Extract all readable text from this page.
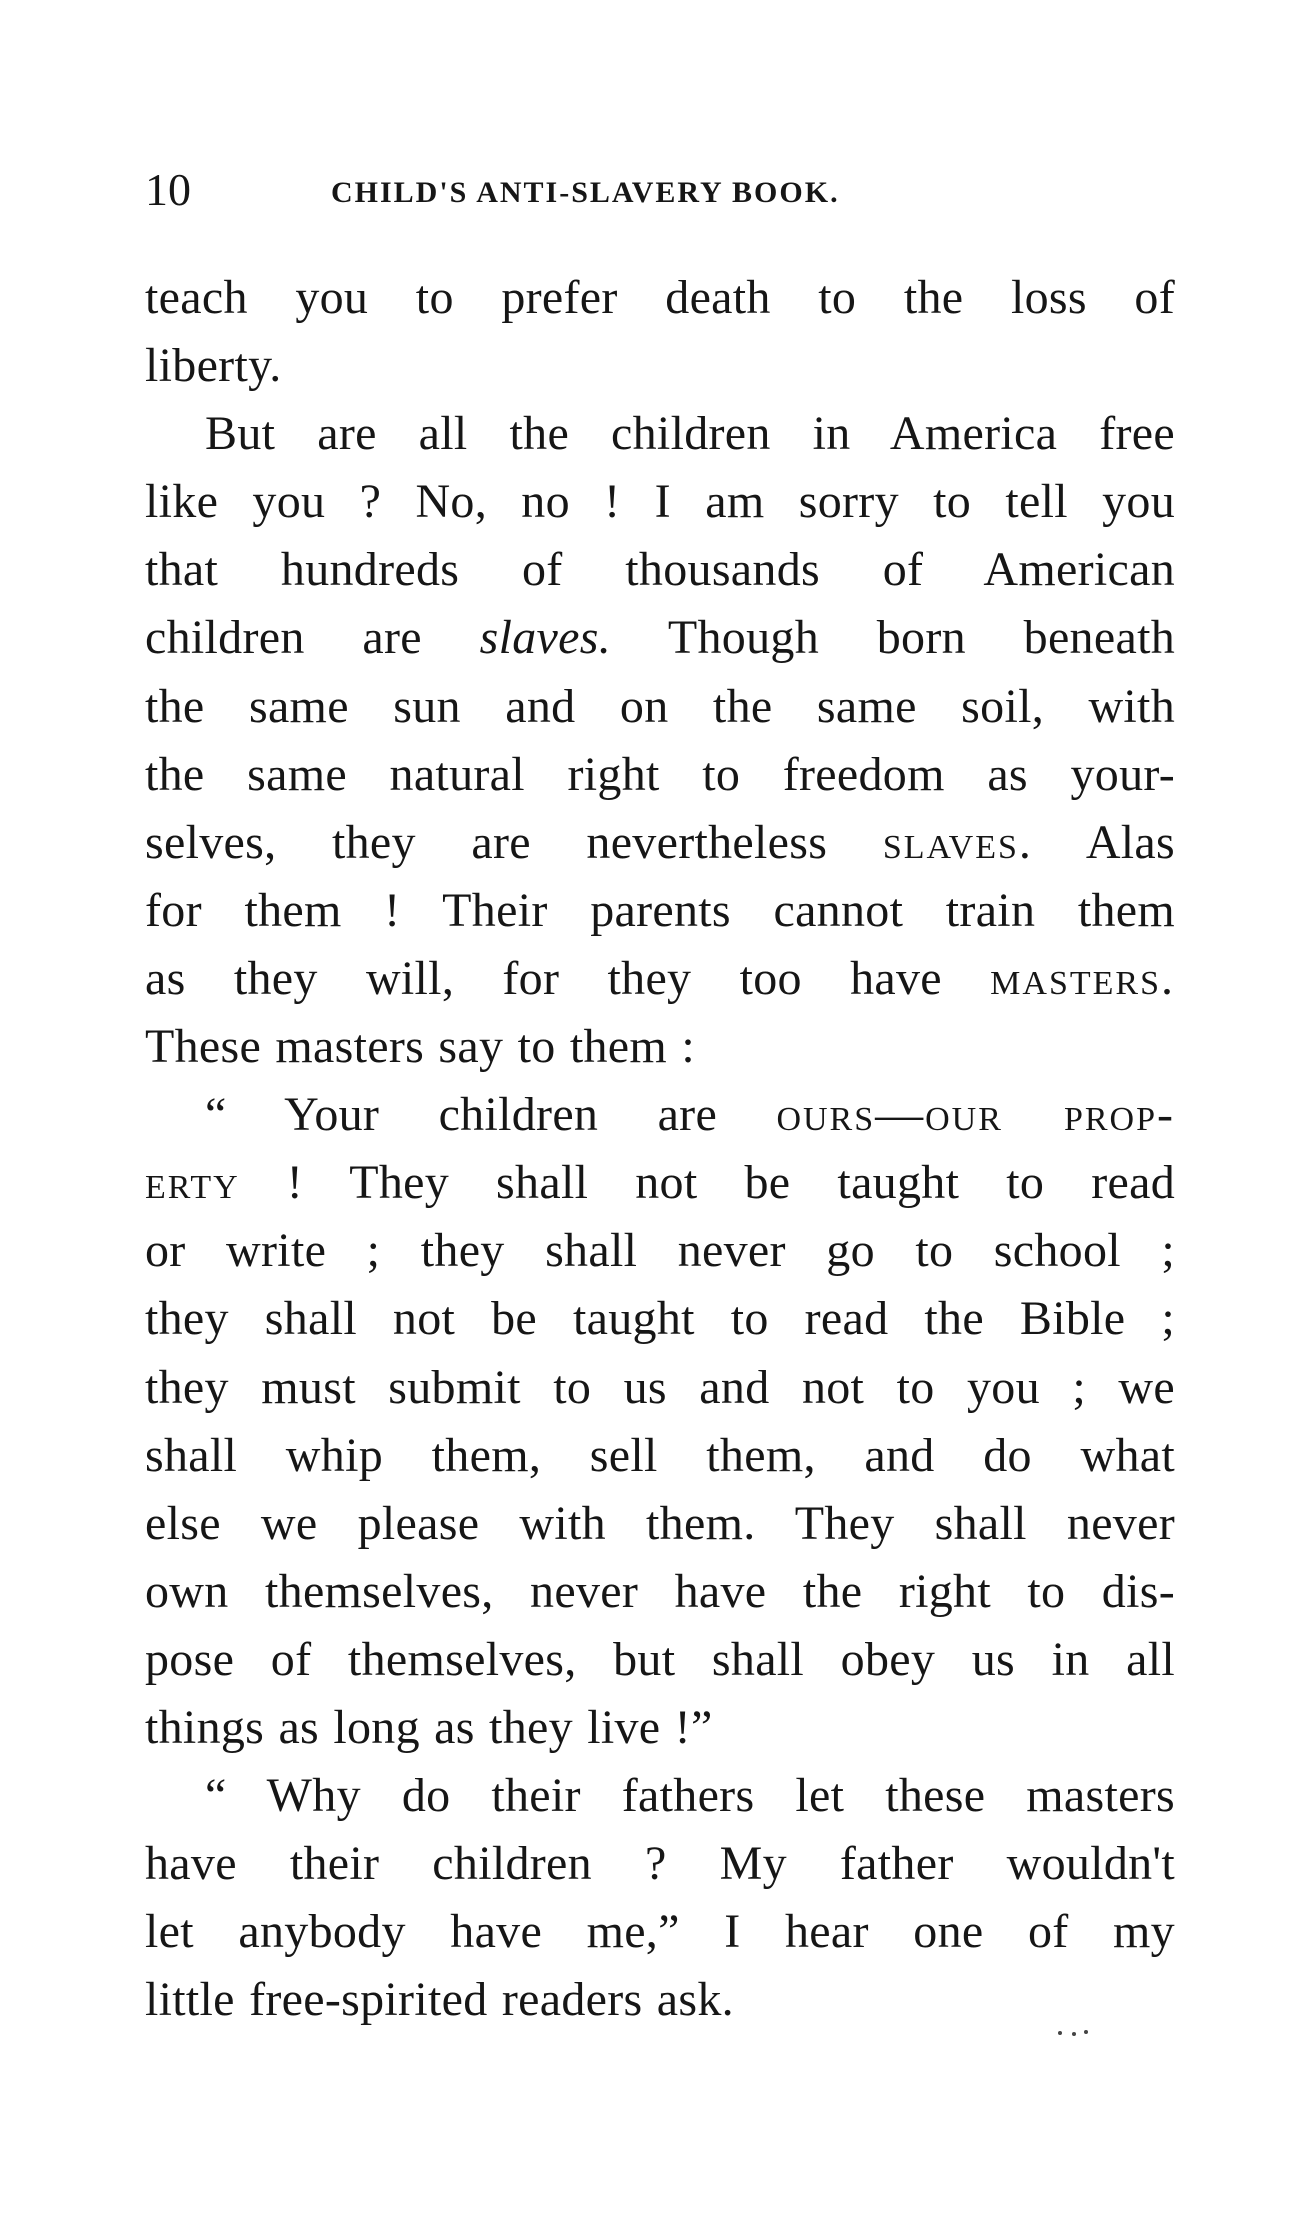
10	CHILD'S ANTI-SLAVERY BOOK.
teach you to prefer death to the loss of
liberty.
But are all the children in America free
like you ? No, no ! I am sorry to tell you
that hundreds of thousands of American
children are slaves. Though born beneath
the same sun and on the same soil, with
the same natural right to freedom as your-
selves, they are nevertheless slaves. Alas
for them ! Their parents cannot train them
as they will, for they too have masters.
These masters say to them :
“ Your children are ours—our prop-
erty ! They shall not be taught to read
or write ; they shall never go to school ;
they shall not be taught to read the Bible ;
they must submit to us and not to you ; we
shall whip them, sell them, and do what
else we please with them. They shall never
own themselves, never have the right to dis-
pose of themselves, but shall obey us in all
things as long as they live !”
“ Why do their fathers let these masters
have their children ? My father wouldn't
let anybody have me,” I hear one of my
little free-spirited readers ask.
